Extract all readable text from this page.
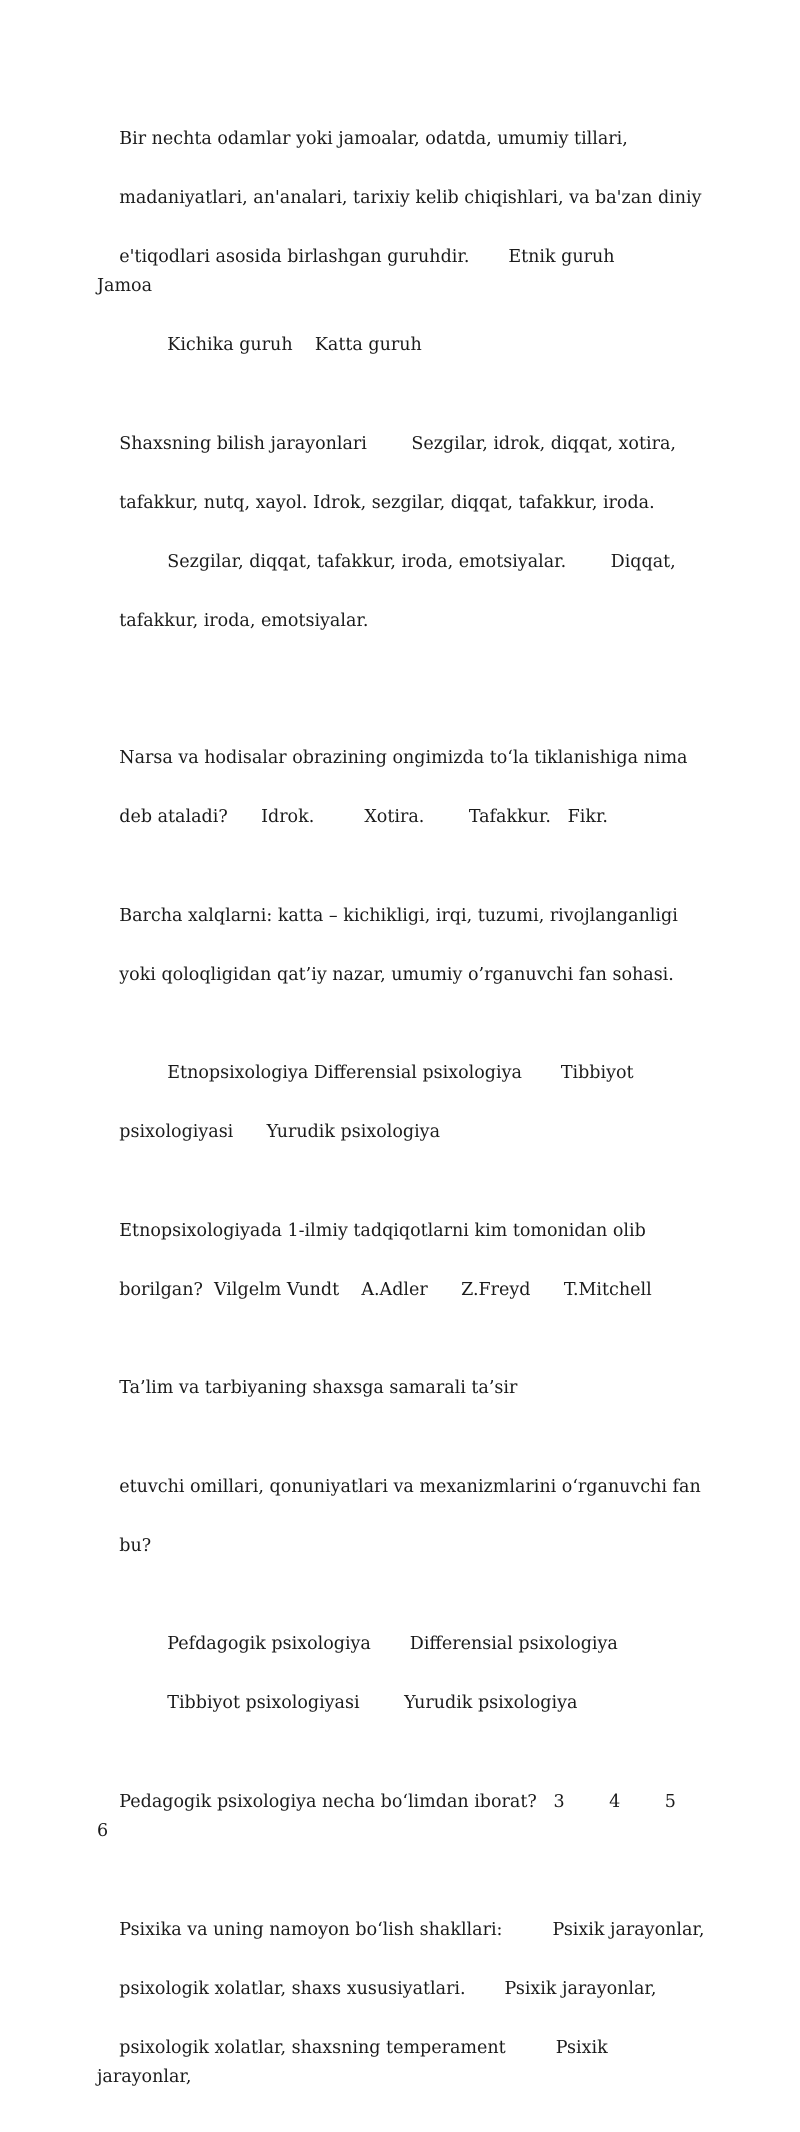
Bir nechta odamlar yoki jamoalar, odatda, umumiy tillari,

madaniyatlari, an'analari, tarixiy kelib chiqishlari, va ba'zan diniy

e'tiqodlari asosida birlashgan guruhdir.       Etnik guruh        Jamoa

Kichika guruh    Katta guruh

Shaxsning bilish jarayonlari        Sezgilar, idrok, diqqat, xotira,

tafakkur, nutq, xayol. Idrok, sezgilar, diqqat, tafakkur, iroda.

Sezgilar, diqqat, tafakkur, iroda, emotsiyalar.        Diqqat,

tafakkur, iroda, emotsiyalar.

Narsa va hodisalar obrazining ongimizda to‘la tiklanishiga nima

deb ataladi?      Idrok.         Xotira.        Tafakkur.   Fikr.

Barcha xalqlarni: katta – kichikligi, irqi, tuzumi, rivojlanganligi

yoki qoloqligidan qat’iy nazar, umumiy o’rganuvchi fan sohasi.

Etnopsixologiya Differensial psixologiya       Tibbiyot

psixologiyasi      Yurudik psixologiya

Etnopsixologiyada 1-ilmiy tadqiqotlarni kim tomonidan olib

borilgan?  Vilgelm Vundt    A.Adler      Z.Freyd      T.Mitchell

Ta’lim va tarbiyaning shaxsga samarali ta’sir

etuvchi omillari, qonuniyatlari va mexanizmlarini o‘rganuvchi fan

bu?

Pefdagogik psixologiya       Differensial psixologiya

Tibbiyot psixologiyasi        Yurudik psixologiya

Pedagogik psixologiya necha bo‘limdan iborat?   3        4        5        6

Psixika va uning namoyon bo‘lish shakllari:         Psixik jarayonlar,

psixologik xolatlar, shaxs xususiyatlari.       Psixik jarayonlar,

psixologik xolatlar, shaxsning temperament         Psixik jarayonlar,
